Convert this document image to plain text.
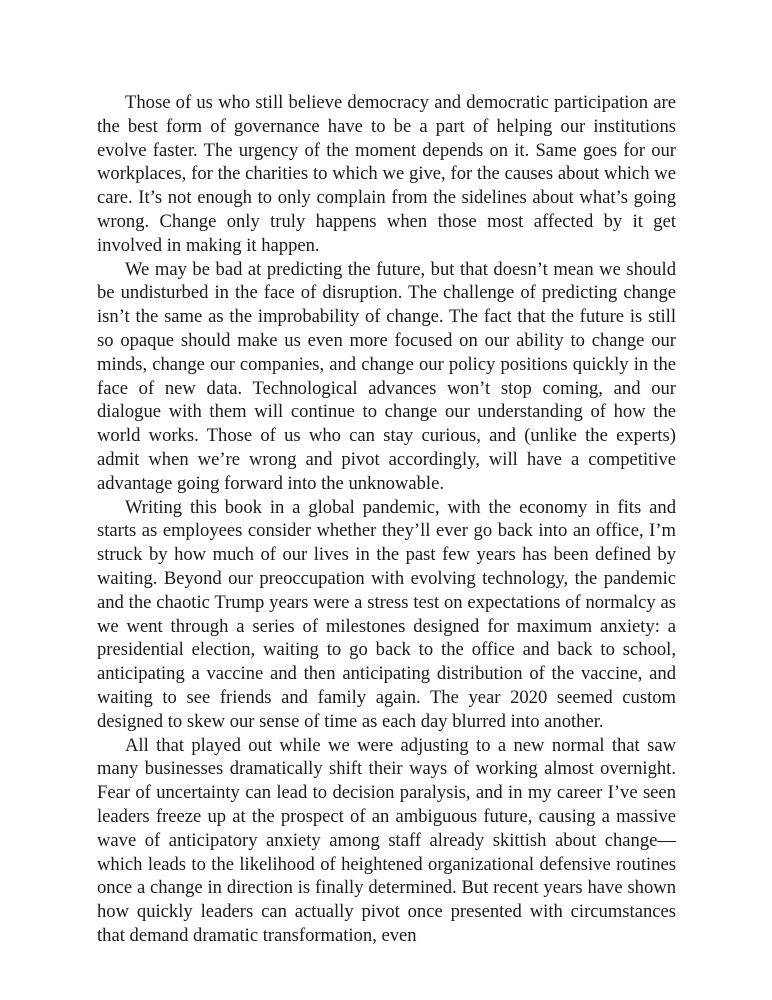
Those of us who still believe democracy and democratic participation are the best form of governance have to be a part of helping our institutions evolve faster. The urgency of the moment depends on it. Same goes for our workplaces, for the charities to which we give, for the causes about which we care. It’s not enough to only complain from the sidelines about what’s going wrong. Change only truly happens when those most affected by it get involved in making it happen.

We may be bad at predicting the future, but that doesn’t mean we should be undisturbed in the face of disruption. The challenge of predicting change isn’t the same as the improbability of change. The fact that the future is still so opaque should make us even more focused on our ability to change our minds, change our companies, and change our policy positions quickly in the face of new data. Technological advances won’t stop coming, and our dialogue with them will continue to change our understanding of how the world works. Those of us who can stay curious, and (unlike the experts) admit when we’re wrong and pivot accordingly, will have a competitive advantage going forward into the unknowable.

Writing this book in a global pandemic, with the economy in fits and starts as employees consider whether they’ll ever go back into an office, I’m struck by how much of our lives in the past few years has been defined by waiting. Beyond our preoccupation with evolving technology, the pandemic and the chaotic Trump years were a stress test on expectations of normalcy as we went through a series of milestones designed for maximum anxiety: a presidential election, waiting to go back to the office and back to school, anticipating a vaccine and then anticipating distribution of the vaccine, and waiting to see friends and family again. The year 2020 seemed custom designed to skew our sense of time as each day blurred into another.

All that played out while we were adjusting to a new normal that saw many businesses dramatically shift their ways of working almost overnight. Fear of uncertainty can lead to decision paralysis, and in my career I’ve seen leaders freeze up at the prospect of an ambiguous future, causing a massive wave of anticipatory anxiety among staff already skittish about change—which leads to the likelihood of heightened organizational defensive routines once a change in direction is finally determined. But recent years have shown how quickly leaders can actually pivot once presented with circumstances that demand dramatic transformation, even
